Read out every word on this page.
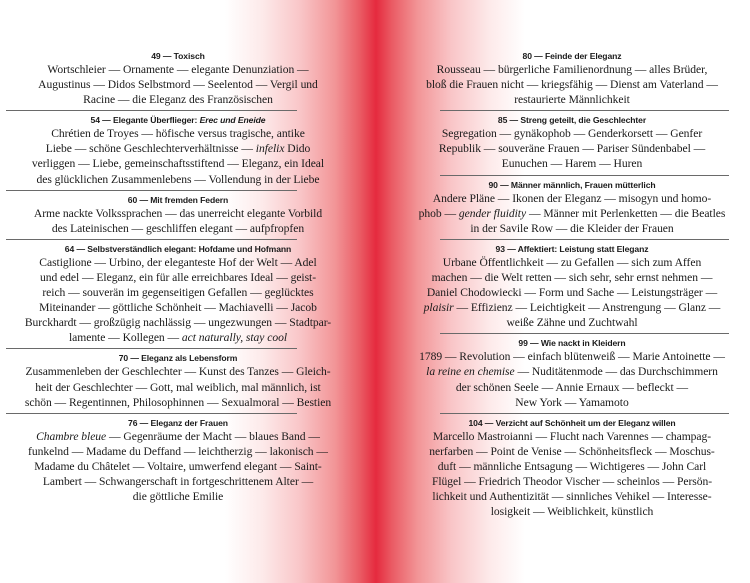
49 — Toxisch
Wortschleier — Ornamente — elegante Denunziation —
Augustinus — Didos Selbstmord — Seelentod — Vergil und
Racine — die Eleganz des Französischen
54 — Elegante Überflieger: Erec und Eneide
Chrétien de Troyes — höfische versus tragische, antike
Liebe — schöne Geschlechterverhältnisse — infelix Dido
verliggen — Liebe, gemeinschaftsstiftend — Eleganz, ein Ideal
des glücklichen Zusammenlebens — Vollendung in der Liebe
60 — Mit fremden Federn
Arme nackte Volkssprachen — das unerreicht elegante Vorbild
des Lateinischen — geschliffen elegant — aufpfropfen
64 — Selbstverständlich elegant: Hofdame und Hofmann
Castiglione — Urbino, der eleganteste Hof der Welt — Adel
und edel — Eleganz, ein für alle erreichbares Ideal — geist-
reich — souverän im gegenseitigen Gefallen — geglücktes
Miteinander — göttliche Schönheit — Machiavelli — Jacob
Burckhardt — großzügig nachlässig — ungezwungen — Stadtpar-
lamente — Kollegen — act naturally, stay cool
70 — Eleganz als Lebensform
Zusammenleben der Geschlechter — Kunst des Tanzes — Gleich-
heit der Geschlechter — Gott, mal weiblich, mal männlich, ist
schön — Regentinnen, Philosophinnen — Sexualmoral — Bestien
76 — Eleganz der Frauen
Chambre bleue — Gegenräume der Macht — blaues Band —
funkelnd — Madame du Deffand — leichtherzig — lakonisch —
Madame du Châtelet — Voltaire, umwerfend elegant — Saint-
Lambert — Schwangerschaft in fortgeschrittenem Alter —
die göttliche Emilie
80 — Feinde der Eleganz
Rousseau — bürgerliche Familienordnung — alles Brüder,
bloß die Frauen nicht — kriegsfähig — Dienst am Vaterland —
restaurierte Männlichkeit
85 — Streng geteilt, die Geschlechter
Segregation — gynäkophob — Genderkorsett — Genfer
Republik — souveräne Frauen — Pariser Sündenbabel —
Eunuchen — Harem — Huren
90 — Männer männlich, Frauen mütterlich
Andere Pläne — Ikonen der Eleganz — misogyn und homo-
phob — gender fluidity — Männer mit Perlenketten — die Beatles
in der Savile Row — die Kleider der Frauen
93 — Affektiert: Leistung statt Eleganz
Urbane Öffentlichkeit — zu Gefallen — sich zum Affen
machen — die Welt retten — sich sehr, sehr ernst nehmen —
Daniel Chodowiecki — Form und Sache — Leistungsträger —
plaisir — Effizienz — Leichtigkeit — Anstrengung — Glanz —
weiße Zähne und Zuchtwahl
99 — Wie nackt in Kleidern
1789 — Revolution — einfach blütenweiß — Marie Antoinette —
la reine en chemise — Nuditätenmode — das Durchschimmern
der schönen Seele — Annie Ernaux — befleckt —
New York — Yamamoto
104 — Verzicht auf Schönheit um der Eleganz willen
Marcello Mastroianni — Flucht nach Varennes — champag-
nerfarben — Point de Venise — Schönheitsfleck — Moschus-
duft — männliche Entsagung — Wichtigeres — John Carl
Flügel — Friedrich Theodor Vischer — scheinlos — Persön-
lichkeit und Authentizität — sinnliches Vehikel — Interesse-
losigkeit — Weiblichkeit, künstlich
